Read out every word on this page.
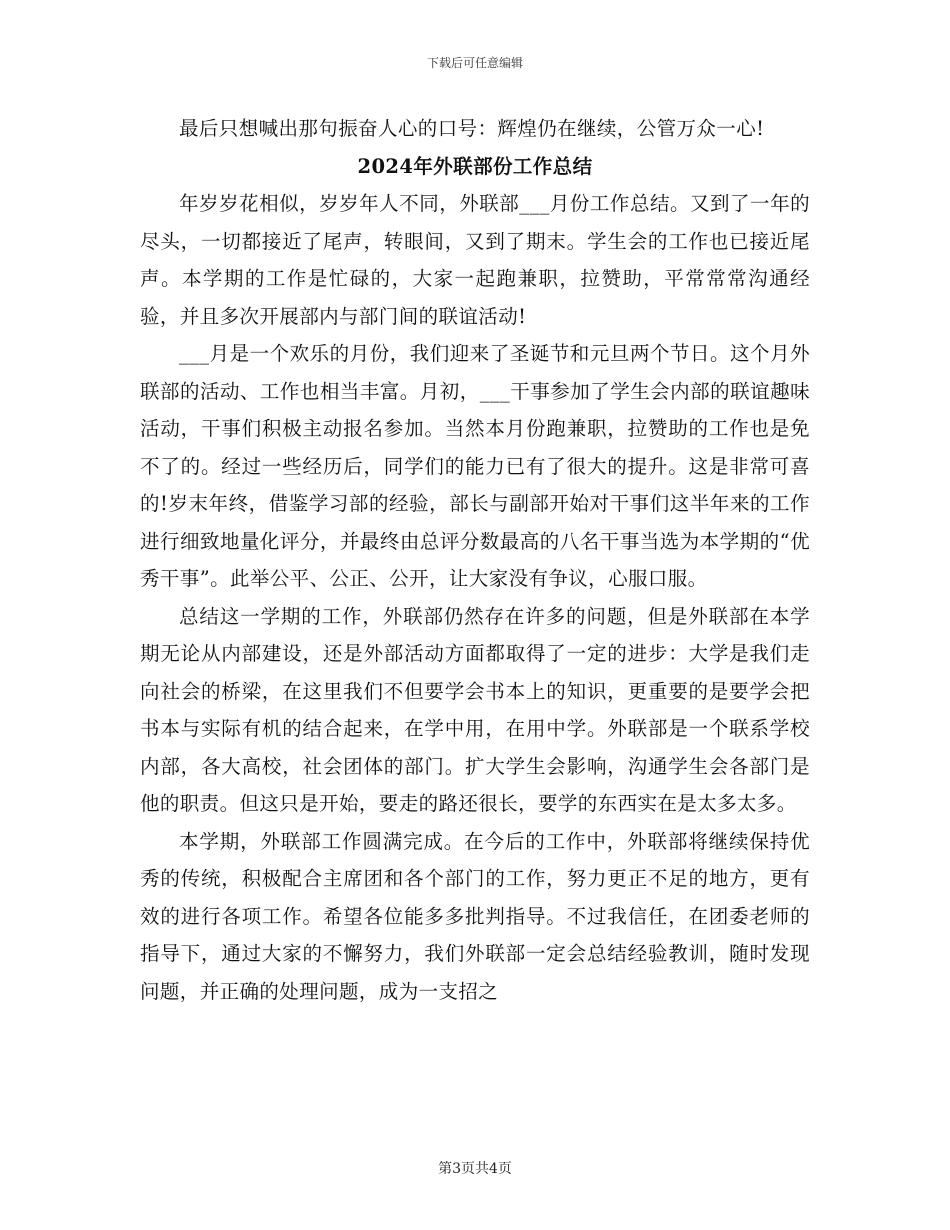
下载后可任意编辑

最后只想喊出那句振奋人心的口号：辉煌仍在继续，公管万众一心!

2024年外联部份工作总结

年岁岁花相似，岁岁年人不同，外联部___月份工作总结。又到了一年的尽头，一切都接近了尾声，转眼间，又到了期末。学生会的工作也已接近尾声。本学期的工作是忙碌的，大家一起跑兼职，拉赞助，平常常常沟通经验，并且多次开展部内与部门间的联谊活动!

___月是一个欢乐的月份，我们迎来了圣诞节和元旦两个节日。这个月外联部的活动、工作也相当丰富。月初，___干事参加了学生会内部的联谊趣味活动，干事们积极主动报名参加。当然本月份跑兼职，拉赞助的工作也是免不了的。经过一些经历后，同学们的能力已有了很大的提升。这是非常可喜的!岁末年终，借鉴学习部的经验，部长与副部开始对干事们这半年来的工作进行细致地量化评分，并最终由总评分数最高的八名干事当选为本学期的“优秀干事”。此举公平、公正、公开，让大家没有争议，心服口服。

总结这一学期的工作，外联部仍然存在许多的问题，但是外联部在本学期无论从内部建设，还是外部活动方面都取得了一定的进步：大学是我们走向社会的桥梁，在这里我们不但要学会书本上的知识，更重要的是要学会把书本与实际有机的结合起来，在学中用，在用中学。外联部是一个联系学校内部，各大高校，社会团体的部门。扩大学生会影响，沟通学生会各部门是他的职责。但这只是开始，要走的路还很长，要学的东西实在是太多太多。

本学期，外联部工作圆满完成。在今后的工作中，外联部将继续保持优秀的传统，积极配合主席团和各个部门的工作，努力更正不足的地方，更有效的进行各项工作。希望各位能多多批判指导。不过我信任，在团委老师的指导下，通过大家的不懈努力，我们外联部一定会总结经验教训，随时发现问题，并正确的处理问题，成为一支招之

第3页共4页
